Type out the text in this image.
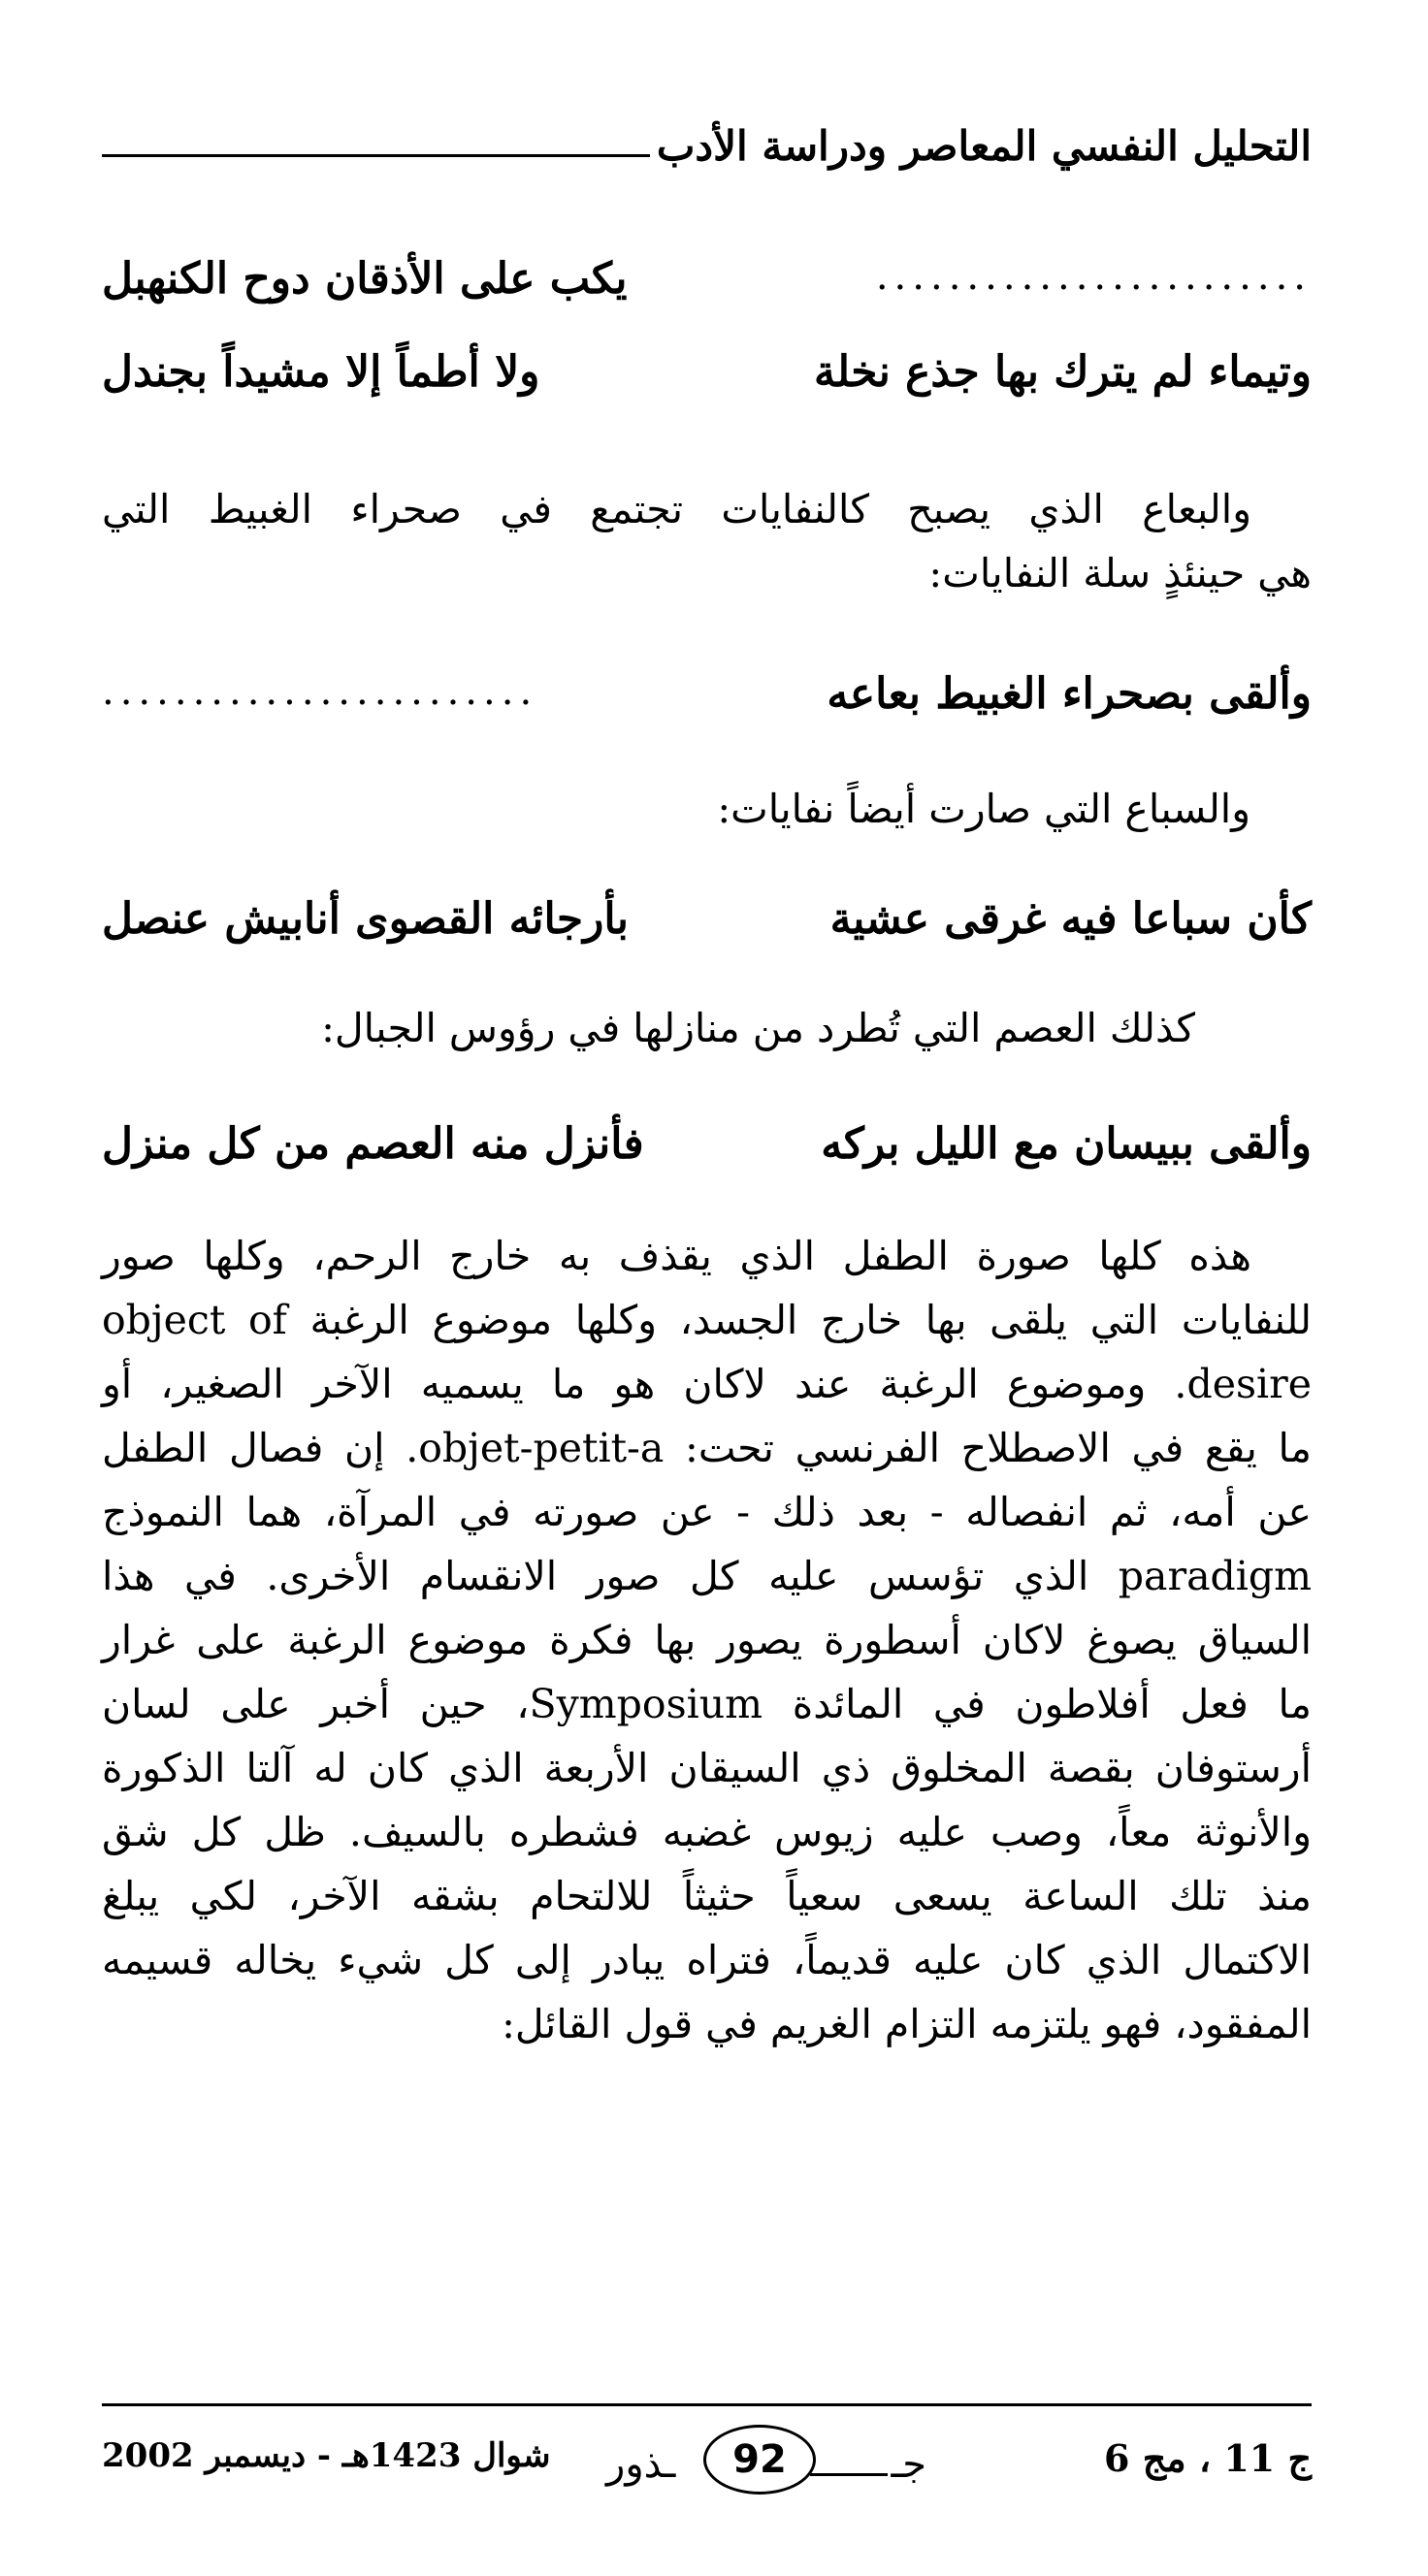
التحليل النفسي المعاصر ودراسة الأدب
........................
يكب على الأذقان دوح الكنهبل
وتيماء لم يترك بها جذع نخلة
ولا أطماً إلا مشيداً بجندل
والبعاع الذي يصبح كالنفايات تجتمع في صحراء الغبيط التي
هي حينئذٍ سلة النفايات:
وألقى بصحراء الغبيط بعاعه
........................
والسباع التي صارت أيضاً نفايات:
كأن سباعا فيه غرقى عشية
بأرجائه القصوى أنابيش عنصل
كذلك العصم التي تُطرد من منازلها في رؤوس الجبال:
وألقى ببيسان مع الليل بركه
فأنزل منه العصم من كل منزل
هذه كلها صورة الطفل الذي يقذف به خارج الرحم، وكلها صور
للنفايات التي يلقى بها خارج الجسد، وكلها موضوع الرغبة object of
desire. وموضوع الرغبة عند لاكان هو ما يسميه الآخر الصغير، أو
ما يقع في الاصطلاح الفرنسي تحت: objet-petit-a. إن فصال الطفل
عن أمه، ثم انفصاله - بعد ذلك - عن صورته في المرآة، هما النموذج
paradigm الذي تؤسس عليه كل صور الانقسام الأخرى. في هذا
السياق يصوغ لاكان أسطورة يصور بها فكرة موضوع الرغبة على غرار
ما فعل أفلاطون في المائدة Symposium، حين أخبر على لسان
أرستوفان بقصة المخلوق ذي السيقان الأربعة الذي كان له آلتا الذكورة
والأنوثة معاً، وصب عليه زيوس غضبه فشطره بالسيف. ظل كل شق
منذ تلك الساعة يسعى سعياً حثيثاً للالتحام بشقه الآخر، لكي يبلغ
الاكتمال الذي كان عليه قديماً، فتراه يبادر إلى كل شيء يخاله قسيمه
المفقود، فهو يلتزمه التزام الغريم في قول القائل:
ج 11 ، مج 6
جـ
92
ـذور
شوال 1423هـ - ديسمبر 2002
